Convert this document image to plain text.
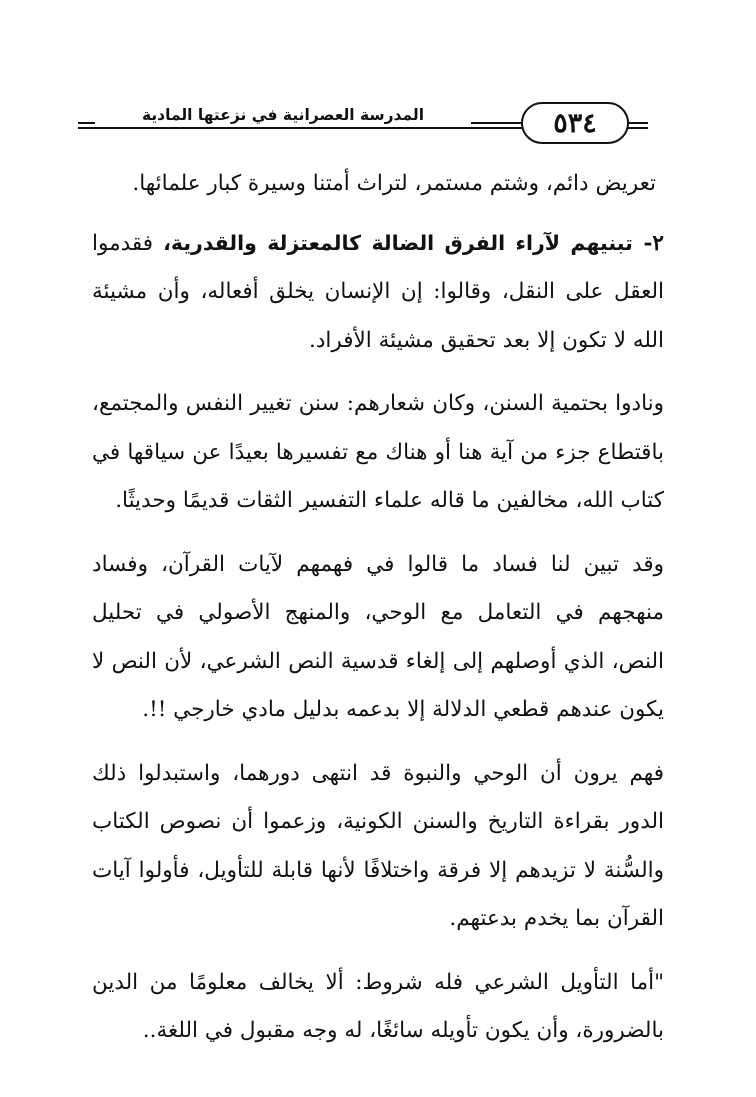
المدرسة العصرانية في نزعتها المادية	٥٣٤

تعريض دائم، وشتم مستمر، لتراث أمتنا وسيرة كبار علمائها.

٢- تبنيهم لآراء الفرق الضالة كالمعتزلة والقدرية، فقدموا العقل على النقل، وقالوا: إن الإنسان يخلق أفعاله، وأن مشيئة الله لا تكون إلا بعد تحقيق مشيئة الأفراد.

ونادوا بحتمية السنن، وكان شعارهم: سنن تغيير النفس والمجتمع، باقتطاع جزء من آية هنا أو هناك مع تفسيرها بعيدًا عن سياقها في كتاب الله، مخالفين ما قاله علماء التفسير الثقات قديمًا وحديثًا.

وقد تبين لنا فساد ما قالوا في فهمهم لآيات القرآن، وفساد منهجهم في التعامل مع الوحي، والمنهج الأصولي في تحليل النص، الذي أوصلهم إلى إلغاء قدسية النص الشرعي، لأن النص لا يكون عندهم قطعي الدلالة إلا بدعمه بدليل مادي خارجي !!.

فهم يرون أن الوحي والنبوة قد انتهى دورهما، واستبدلوا ذلك الدور بقراءة التاريخ والسنن الكونية، وزعموا أن نصوص الكتاب والسُّنة لا تزيدهم إلا فرقة واختلافًا لأنها قابلة للتأويل، فأولوا آيات القرآن بما يخدم بدعتهم.

"أما التأويل الشرعي فله شروط: ألا يخالف معلومًا من الدين بالضرورة، وأن يكون تأويله سائغًا، له وجه مقبول في اللغة..
